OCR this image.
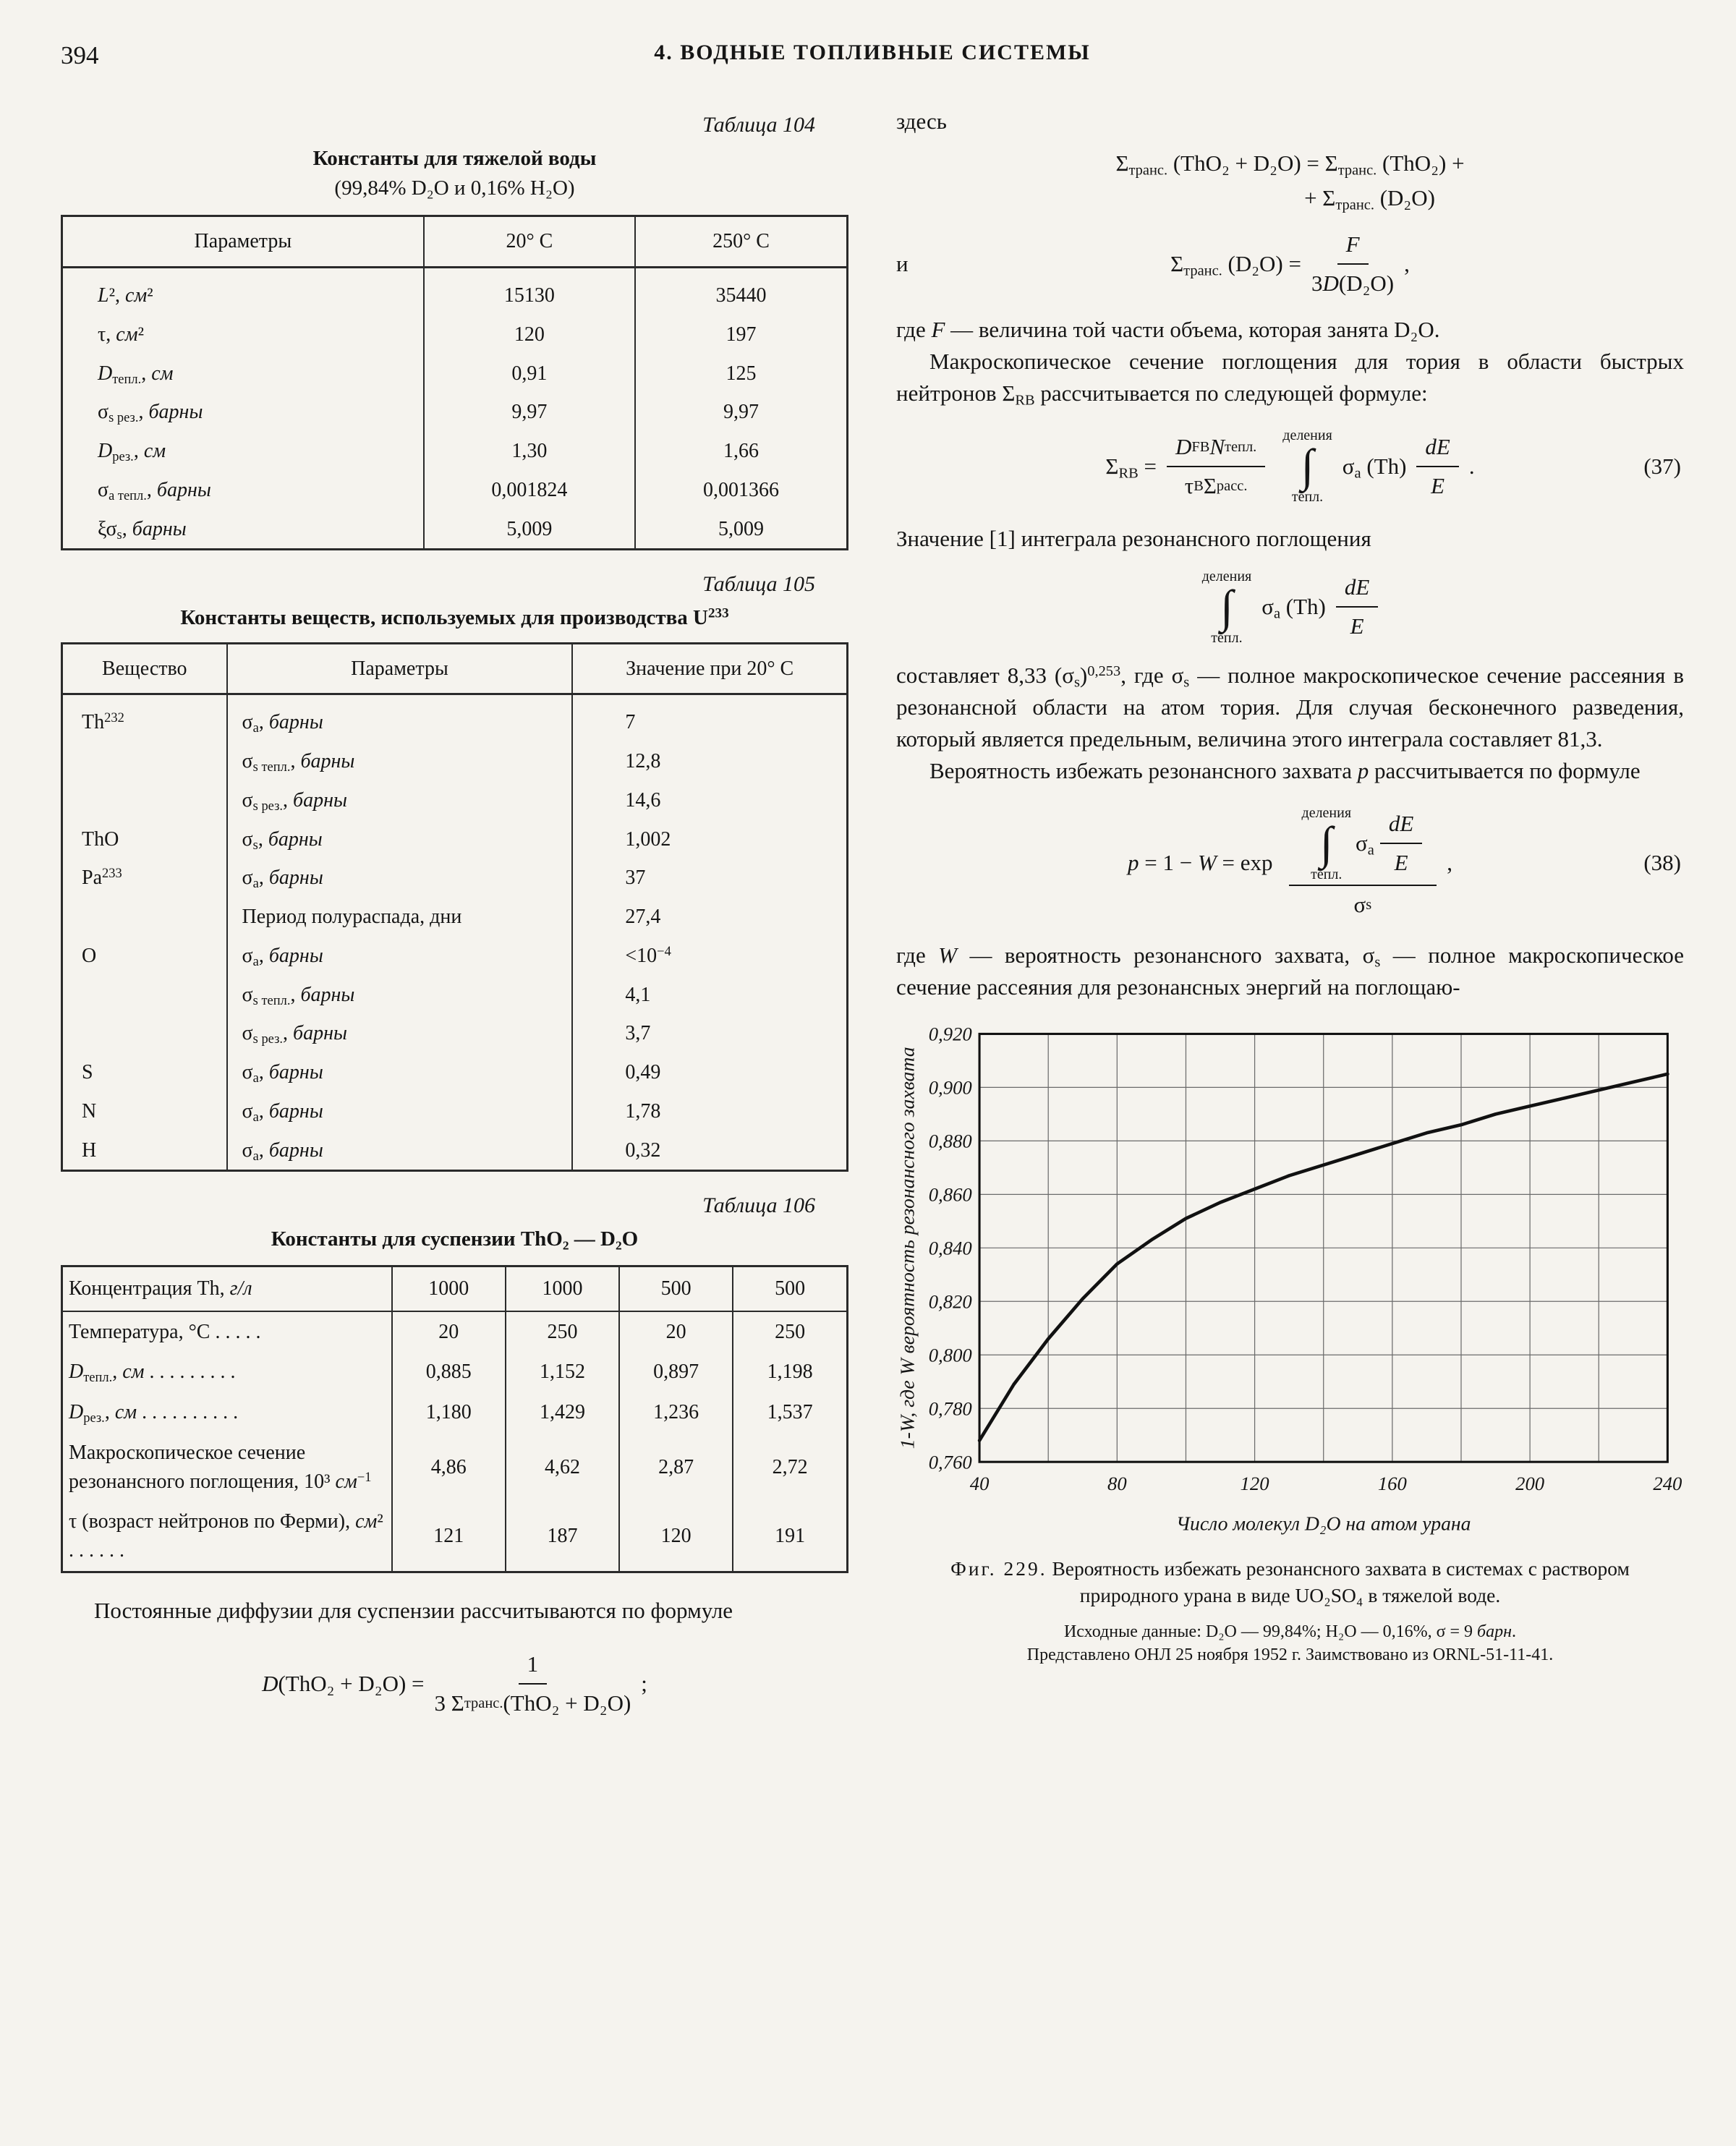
394	4. ВОДНЫЕ ТОПЛИВНЫЕ СИСТЕМЫ
Таблица 104
Константы для тяжелой воды
(99,84% D₂O и 0,16% H₂O)
Параметры	20° C	250° C
L², см²	15130	35440
τ, см²	120	197
$D_{тепл.}$, см	0,91	125
$\sigma_{s рез.}$, барны	9,97	9,97
$D_{рез.}$, см	1,30	1,66
$\sigma_{a тепл.}$, барны	0,001824	0,001366
$\xi\sigma_s$, барны	5,009	5,009
Таблица 105
Константы веществ, используемых для производства $U^{233}$
Вещество	Параметры	Значение при 20° С
Th$^{232}$	$\sigma_a$, барны	7
	$\sigma_{s тепл.}$, барны	12,8
	$\sigma_{s рез.}$, барны	14,6
ThO	$\sigma_s$, барны	1,002
Pa$^{233}$	$\sigma_a$, барны	37
	Период полураспада, дни	27,4
O	$\sigma_a$, барны	$<10^{-4}$
	$\sigma_{s тепл.}$, барны	4,1
	$\sigma_{s рез.}$, барны	3,7
S	$\sigma_a$, барны	0,49
N	$\sigma_a$, барны	1,78
H	$\sigma_a$, барны	0,32
Таблица 106
Константы для суспензии ThO₂ — D₂O
Концентрация Th, г/л	1000	1000	500	500
Температура, °С . . . . .	20	250	20	250
$D_{тепл.}$, см . . . . . . . . .	0,885	1,152	0,897	1,198
$D_{рез.}$, см . . . . . . . . . .	1,180	1,429	1,236	1,537
Макроскопическое сечение резонансного поглощения, 10³ $см^{-1}$	4,86	4,62	2,87	2,72
τ (возраст нейтронов по Ферми), см² . . . . . .	121	187	120	191

Постоянные диффузии для суспензии рассчитываются по формуле

$D(ThO_2 + D_2O) = \frac{1}{\text{3 Σ транс. (ThO₂ + D₂O)}}$ ;

здесь

$\Sigma_{транс.}$ $(ThO_2 + D_2O) = \Sigma_{транс.}$ (ThO₂) +
+ $\Sigma_{транс.}$ (D₂O)
и	$\Sigma_{транс.}$ $(D_2O) = \frac{F}{\text{3 D (D₂O)}}$ ,

где F — величина той части объема, которая занята D₂O.

Макроскопическое сечение поглощения для тория в области быстрых нейтронов $\Sigma_{RB}$ рассчитывается по следующей формуле:

$\Sigma_{RB} = \frac{\text{D FB N тепл.}}{\text{τ B Σ расс.}}$ деления
∫
тепл.
$\sigma_a$ $(Th) \frac{dE}{E}$ .	(37)

Значение [1] интеграла резонансного поглощения

деления
∫
тепл.
$\sigma_a$ $(Th) \frac{dE}{E}$

составляет 8,33 $(\sigma_s)^{0,253}$, где $\sigma_s$ — полное макроскопическое сечение рассеяния в резонансной области на атом тория. Для случая бесконечного разведения, который является предельным, величина этого интеграла составляет 81,3.

Вероятность избежать резонансного захвата p рассчитывается по формуле

p = 1 − W = exp
деления
∫
тепл.
$\sigma_a \frac{dE}{E}$
σ s
,	(38)

где W — вероятность резонансного захвата, $\sigma_s$ — полное макроскопическое сечение рассеяния для резонансных энергий на поглощаю-

0,760
0,780
0,800
0,820
0,840
0,860
0,880
0,900
0,920
40	80	120	160	200	240
Число молекул D₂O на атом урана
1-W, где W вероятность резонансного захвата
Фиг. 229. Вероятность избежать резонансного захвата в системах с раствором природного урана в виде UO₂SO₄ в тяжелой воде.
Исходные данные: D₂O — 99,84%; H₂O — 0,16%, σ = 9 барн.
Представлено ОНЛ 25 ноября 1952 г. Заимствовано из ORNL-51-11-41.
